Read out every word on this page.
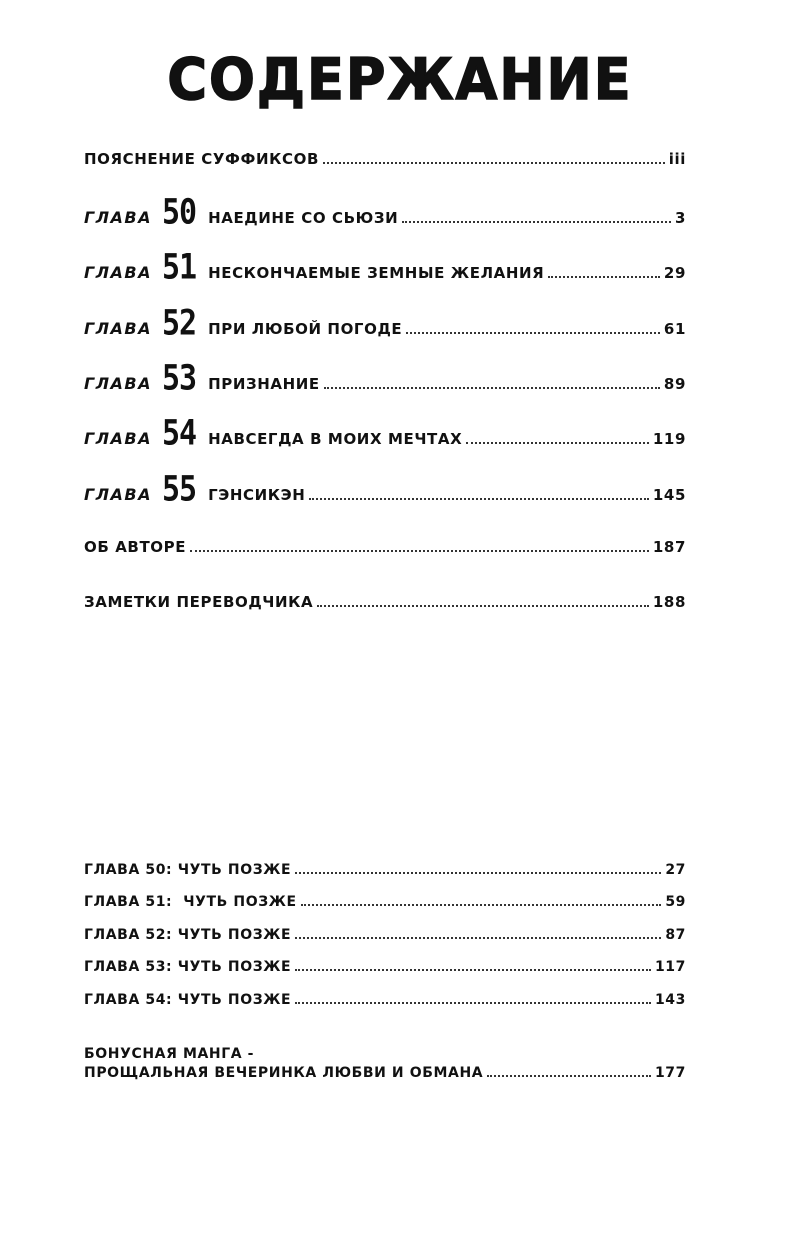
СОДЕРЖАНИЕ
ПОЯСНЕНИЕ СУФФИКСОВ	iii
ГЛАВА 50 НАЕДИНЕ СО СЬЮЗИ	3
ГЛАВА 51 НЕСКОНЧАЕМЫЕ ЗЕМНЫЕ ЖЕЛАНИЯ	29
ГЛАВА 52 ПРИ ЛЮБОЙ ПОГОДЕ	61
ГЛАВА 53 ПРИЗНАНИЕ	89
ГЛАВА 54 НАВСЕГДА В МОИХ МЕЧТАХ	119
ГЛАВА 55 ГЭНСИКЭН	145
ОБ АВТОРЕ	187
ЗАМЕТКИ ПЕРЕВОДЧИКА	188
ГЛАВА 50: ЧУТЬ ПОЗЖЕ	27
ГЛАВА 51:  ЧУТЬ ПОЗЖЕ	59
ГЛАВА 52: ЧУТЬ ПОЗЖЕ	87
ГЛАВА 53: ЧУТЬ ПОЗЖЕ	117
ГЛАВА 54: ЧУТЬ ПОЗЖЕ	143
БОНУСНАЯ МАНГА -
ПРОЩАЛЬНАЯ ВЕЧЕРИНКА ЛЮБВИ И ОБМАНА	177
